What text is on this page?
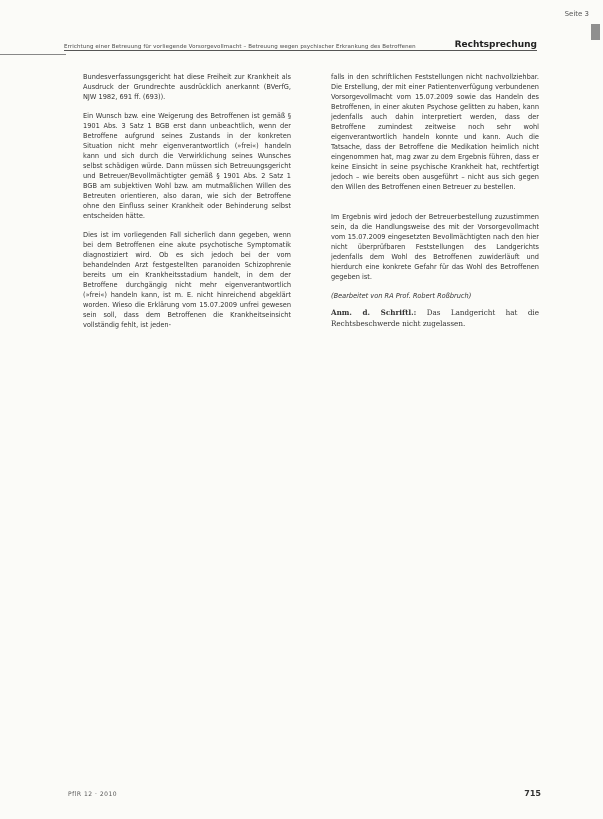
Seite 3
Errichtung einer Betreuung für vorliegende Vorsorgevollmacht – Betreuung wegen psychischer Erkrankung des Betroffenen	Rechtsprechung

Bundesverfassungsgericht hat diese Freiheit zur Krankheit als Ausdruck der Grundrechte ausdrücklich anerkannt (BVerfG, NJW 1982, 691 ff. (693)).

Ein Wunsch bzw. eine Weigerung des Betroffenen ist gemäß § 1901 Abs. 3 Satz 1 BGB erst dann unbeachtlich, wenn der Betroffene aufgrund seines Zustands in der konkreten Situation nicht mehr eigenverantwortlich (»frei«) handeln kann und sich durch die Verwirklichung seines Wunsches selbst schädigen würde. Dann müssen sich Betreuungsgericht und Betreuer/Bevollmächtigter gemäß § 1901 Abs. 2 Satz 1 BGB am subjektiven Wohl bzw. am mutmaßlichen Willen des Betreuten orientieren, also daran, wie sich der Betroffene ohne den Einfluss seiner Krankheit oder Behinderung selbst entscheiden hätte.

Dies ist im vorliegenden Fall sicherlich dann gegeben, wenn bei dem Betroffenen eine akute psychotische Symptomatik diagnostiziert wird. Ob es sich jedoch bei der vom behandelnden Arzt festgestellten paranoiden Schizophrenie bereits um ein Krankheitsstadium handelt, in dem der Betroffene durchgängig nicht mehr eigenverantwortlich (»frei«) handeln kann, ist m. E. nicht hinreichend abgeklärt worden. Wieso die Erklärung vom 15.07.2009 unfrei gewesen sein soll, dass dem Betroffenen die Krankheitseinsicht vollständig fehlt, ist jeden-

falls in den schriftlichen Feststellungen nicht nachvollziehbar. Die Erstellung, der mit einer Patientenverfügung verbundenen Vorsorgevollmacht vom 15.07.2009 sowie das Handeln des Betroffenen, in einer akuten Psychose gelitten zu haben, kann jedenfalls auch dahin interpretiert werden, dass der Betroffene zumindest zeitweise noch sehr wohl eigenverantwortlich handeln konnte und kann. Auch die Tatsache, dass der Betroffene die Medikation heimlich nicht eingenommen hat, mag zwar zu dem Ergebnis führen, dass er keine Einsicht in seine psychische Krankheit hat, rechtfertigt jedoch – wie bereits oben ausgeführt – nicht aus sich gegen den Willen des Betroffenen einen Betreuer zu bestellen.

Im Ergebnis wird jedoch der Betreuerbestellung zuzustimmen sein, da die Handlungsweise des mit der Vorsorgevollmacht vom 15.07.2009 eingesetzten Bevollmächtigten nach den hier nicht überprüfbaren Feststellungen des Landgerichts jedenfalls dem Wohl des Betroffenen zuwiderläuft und hierdurch eine konkrete Gefahr für das Wohl des Betroffenen gegeben ist.

(Bearbeitet von RA Prof. Robert Roßbruch)

Anm. d. Schriftl.: Das Landgericht hat die Rechtsbeschwerde nicht zugelassen.

PflR 12 · 2010	715
